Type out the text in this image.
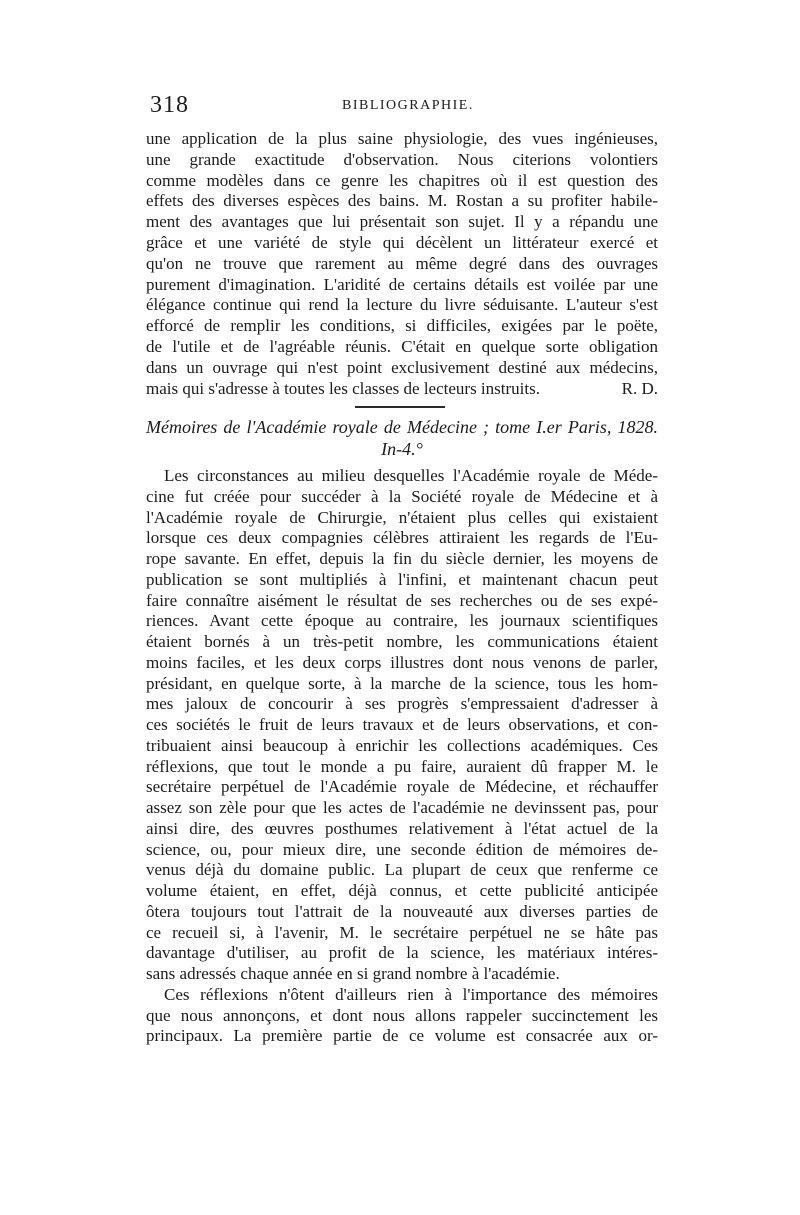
318	BIBLIOGRAPHIE.
une application de la plus saine physiologie, des vues ingénieuses,
une grande exactitude d'observation. Nous citerions volontiers
comme modèles dans ce genre les chapitres où il est question des
effets des diverses espèces des bains. M. Rostan a su profiter habile-
ment des avantages que lui présentait son sujet. Il y a répandu une
grâce et une variété de style qui décèlent un littérateur exercé et
qu'on ne trouve que rarement au même degré dans des ouvrages
purement d'imagination. L'aridité de certains détails est voilée par une
élégance continue qui rend la lecture du livre séduisante. L'auteur s'est
efforcé de remplir les conditions, si difficiles, exigées par le poëte,
de l'utile et de l'agréable réunis. C'était en quelque sorte obligation
dans un ouvrage qui n'est point exclusivement destiné aux médecins,
mais qui s'adresse à toutes les classes de lecteurs instruits.	R. D.
Mémoires de l'Académie royale de Médecine ; tome I.er Paris, 1828.
In-4.°
Les circonstances au milieu desquelles l'Académie royale de Méde-
cine fut créée pour succéder à la Société royale de Médecine et à
l'Académie royale de Chirurgie, n'étaient plus celles qui existaient
lorsque ces deux compagnies célèbres attiraient les regards de l'Eu-
rope savante. En effet, depuis la fin du siècle dernier, les moyens de
publication se sont multipliés à l'infini, et maintenant chacun peut
faire connaître aisément le résultat de ses recherches ou de ses expé-
riences. Avant cette époque au contraire, les journaux scientifiques
étaient bornés à un très-petit nombre, les communications étaient
moins faciles, et les deux corps illustres dont nous venons de parler,
présidant, en quelque sorte, à la marche de la science, tous les hom-
mes jaloux de concourir à ses progrès s'empressaient d'adresser à
ces sociétés le fruit de leurs travaux et de leurs observations, et con-
tribuaient ainsi beaucoup à enrichir les collections académiques. Ces
réflexions, que tout le monde a pu faire, auraient dû frapper M. le
secrétaire perpétuel de l'Académie royale de Médecine, et réchauffer
assez son zèle pour que les actes de l'académie ne devinssent pas, pour
ainsi dire, des œuvres posthumes relativement à l'état actuel de la
science, ou, pour mieux dire, une seconde édition de mémoires de-
venus déjà du domaine public. La plupart de ceux que renferme ce
volume étaient, en effet, déjà connus, et cette publicité anticipée
ôtera toujours tout l'attrait de la nouveauté aux diverses parties de
ce recueil si, à l'avenir, M. le secrétaire perpétuel ne se hâte pas
davantage d'utiliser, au profit de la science, les matériaux intéres-
sans adressés chaque année en si grand nombre à l'académie.
Ces réflexions n'ôtent d'ailleurs rien à l'importance des mémoires
que nous annonçons, et dont nous allons rappeler succinctement les
principaux. La première partie de ce volume est consacrée aux or-
